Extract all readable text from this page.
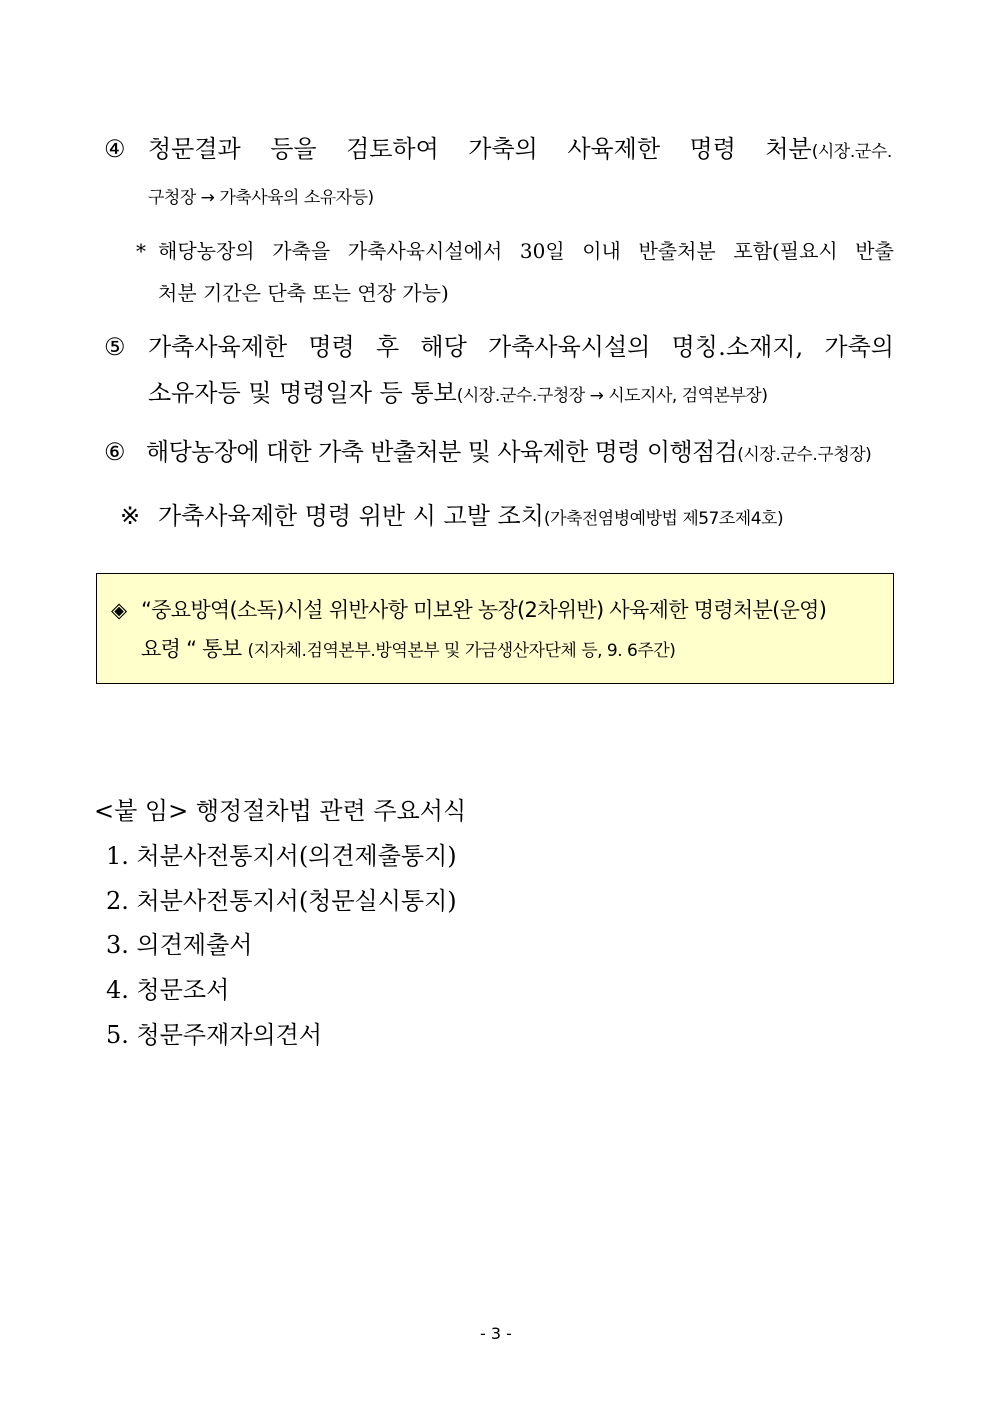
④ 청문결과 등을 검토하여 가축의 사육제한 명령 처분(시장․군수․
구청장 → 가축사육의 소유자등)
* 해당농장의 가축을 가축사육시설에서 30일 이내 반출처분 포함(필요시 반출
처분 기간은 단축 또는 연장 가능)
⑤ 가축사육제한 명령 후 해당 가축사육시설의 명칭․소재지, 가축의
소유자등 및 명령일자 등 통보(시장․군수․구청장 → 시도지사, 검역본부장)
⑥ 해당농장에 대한 가축 반출처분 및 사육제한 명령 이행점검(시장․군수․구청장)
※ 가축사육제한 명령 위반 시 고발 조치(가축전염병예방법 제57조제4호)
◈ “중요방역(소독)시설 위반사항 미보완 농장(2차위반) 사육제한 명령처분(운영)
요령 “ 통보 (지자체․검역본부․방역본부 및 가금생산자단체 등, 9. 6주간)
<붙 임> 행정절차법 관련 주요서식
1. 처분사전통지서(의견제출통지)
2. 처분사전통지서(청문실시통지)
3. 의견제출서
4. 청문조서
5. 청문주재자의견서
- 3 -
